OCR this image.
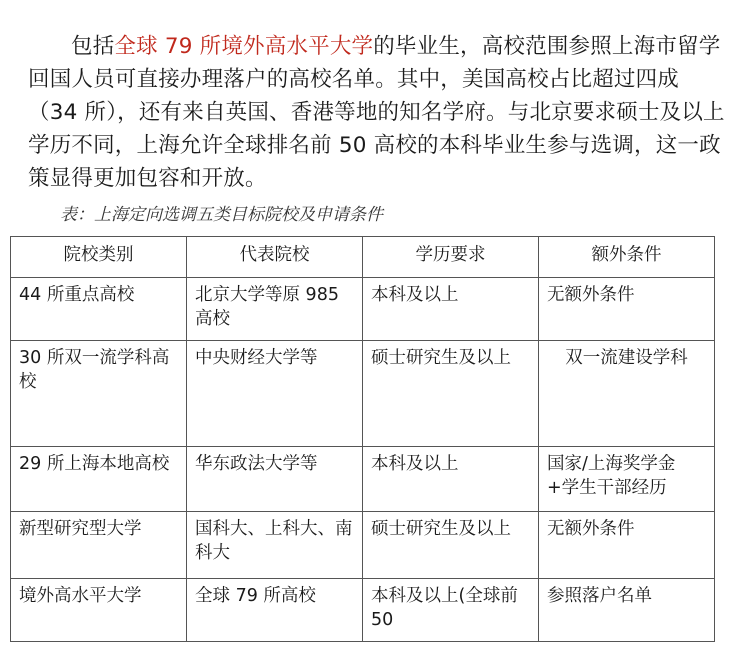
包括全球 79 所境外高水平大学的毕业生，高校范围参照上海市留学回国人员可直接办理落户的高校名单。其中，美国高校占比超过四成（34 所），还有来自英国、香港等地的知名学府。与北京要求硕士及以上学历不同，上海允许全球排名前 50 高校的本科毕业生参与选调，这一政策显得更加包容和开放。

表：上海定向选调五类目标院校及申请条件

院校类别	代表院校	学历要求	额外条件
44 所重点高校	北京大学等原 985 高校	本科及以上	无额外条件
30 所双一流学科高校	中央财经大学等	硕士研究生及以上	双一流建设学科
29 所上海本地高校	华东政法大学等	本科及以上	国家/上海奖学金+学生干部经历
新型研究型大学	国科大、上科大、南科大	硕士研究生及以上	无额外条件
境外高水平大学	全球 79 所高校	本科及以上(全球前 50	参照落户名单
